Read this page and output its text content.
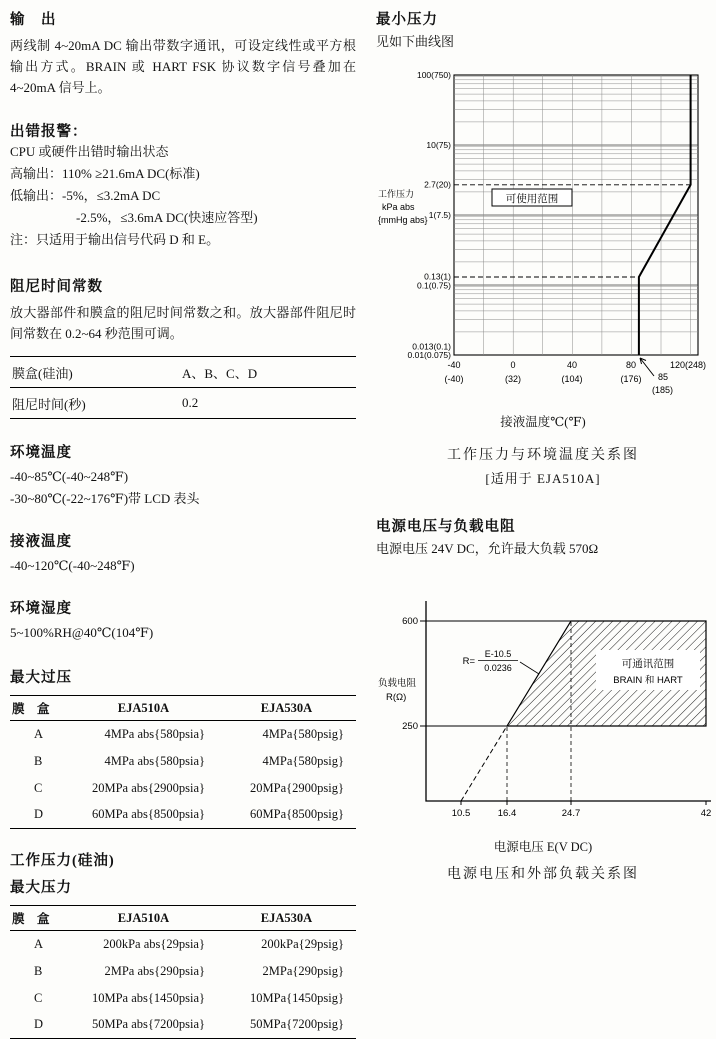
输　出
两线制 4~20mA DC 输出带数字通讯，可设定线性或平方根输出方式。BRAIN 或 HART FSK 协议数字信号叠加在 4~20mA 信号上。
出错报警：
CPU 或硬件出错时输出状态
高输出：110% ≥21.6mA DC(标准)
低输出：-5%，≤3.2mA DC
-2.5%，≤3.6mA DC(快速应答型)
注：只适用于输出信号代码 D 和 E。
阻尼时间常数
放大器部件和膜盒的阻尼时间常数之和。放大器部件阻尼时间常数在 0.2~64 秒范围可调。
膜盒(硅油)	A、B、C、D
阻尼时间(秒)	0.2
环境温度
-40~85℃(-40~248℉)
-30~80℃(-22~176℉)带 LCD 表头
接液温度
-40~120℃(-40~248℉)
环境湿度
5~100%RH@40℃(104℉)
最大过压
膜　盒	EJA510A	EJA530A
A	4MPa abs{580psia}	4MPa{580psig}
B	4MPa abs{580psia}	4MPa{580psig}
C	20MPa abs{2900psia}	20MPa{2900psig}
D	60MPa abs{8500psia}	60MPa{8500psig}
工作压力(硅油)
最大压力
膜　盒	EJA510A	EJA530A
A	200kPa abs{29psia}	200kPa{29psig}
B	2MPa abs{290psia}	2MPa{290psig}
C	10MPa abs{1450psia}	10MPa{1450psig}
D	50MPa abs{7200psia}	50MPa{7200psig}
最小压力
见如下曲线图
可使用范围
工作压力
kPa abs
{mmHg abs}
100(750)
10(75)
2.7(20)
1(7.5)
0.13(1)
0.1(0.75)
0.013(0.1)
0.01(0.075)
-40	0	40	80	120(248)
(-40)	(32)	(104)	(176) 85
(185)
接液温度℃(℉)
工作压力与环境温度关系图
[适用于 EJA510A]
电源电压与负载电阻
电源电压 24V DC，允许最大负载 570Ω
可通讯范围
BRAIN 和 HART
R=
E-10.5
0.0236
负载电阻
R(Ω)
600
250
10.5	16.4	24.7	42
电源电压 E(V DC)
电源电压和外部负载关系图
